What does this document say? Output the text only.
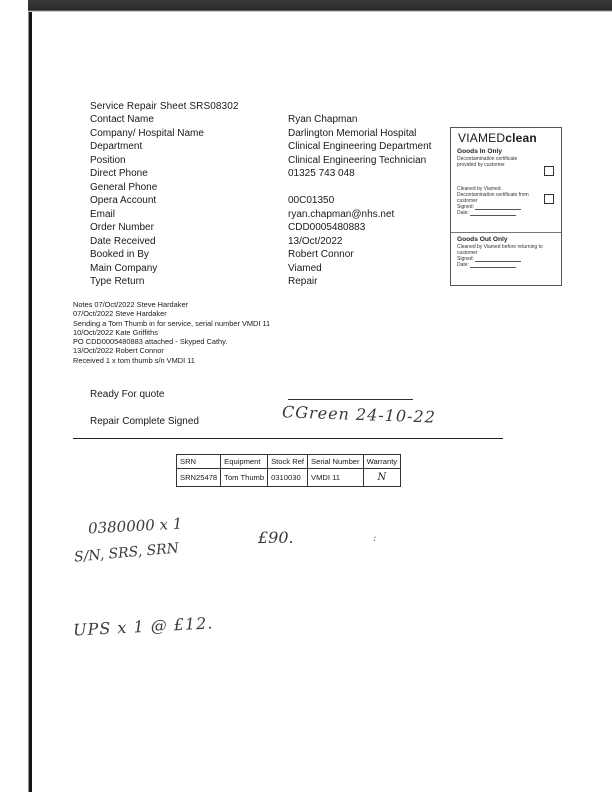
Service Repair Sheet SRS08302
Contact Name	Ryan Chapman
Company/ Hospital Name	Darlington Memorial Hospital
Department	Clinical Engineering Department
Position	Clinical Engineering Technician
Direct Phone	01325 743 048
General Phone
Opera Account	00C01350
Email	ryan.chapman@nhs.net
Order Number	CDD0005480883
Date Received	13/Oct/2022
Booked in By	Robert Connor
Main Company	Viamed
Type Return	Repair
VIAMEDclean
Goods In Only
Decontamination certificate provided by customer
Cleaned by Viamed. Decontamination certificate from customer
Signed:
Date:
Goods Out Only
Cleaned by Viamed before returning to customer
Signed:
Date:
Notes 07/Oct/2022 Steve Hardaker
07/Oct/2022 Steve Hardaker
Sending a Tom Thumb in for service, serial number VMDI 11
10/Oct/2022 Kate Griffiths
PO CDD0005480883 attached - Skyped Cathy.
13/Oct/2022 Robert Connor
Received 1 x tom thumb s/n VMDI 11
Ready For quote
Repair Complete Signed	CGreen 24-10-22
SRN	Equipment	Stock Ref	Serial Number	Warranty
SRN25478	Tom Thumb	0310030	VMDI 11	N
0380000 x 1
S/N, SRS, SRN
£90.	:
UPS x 1 @ £12.
